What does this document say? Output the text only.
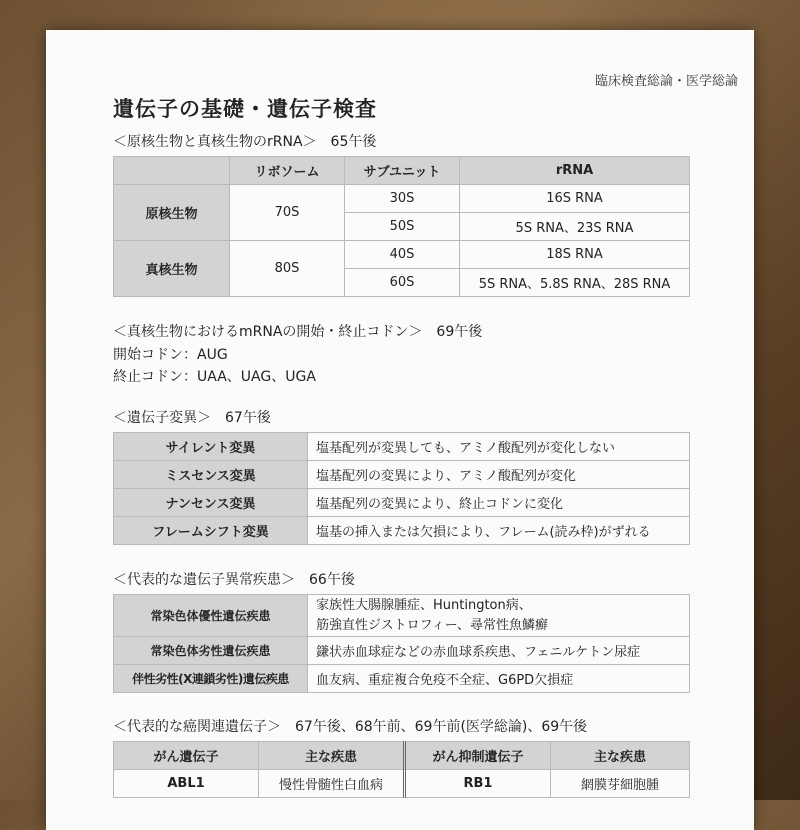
臨床検査総論・医学総論
遺伝子の基礎・遺伝子検査
＜原核生物と真核生物のrRNA＞ 65午後
	リボソーム	サブユニット	rRNA
原核生物	70S	30S	16S RNA
		50S	5S RNA、23S RNA
真核生物	80S	40S	18S RNA
		60S	5S RNA、5.8S RNA、28S RNA
＜真核生物におけるmRNAの開始・終止コドン＞ 69午後
開始コドン：AUG
終止コドン：UAA、UAG、UGA
＜遺伝子変異＞ 67午後
サイレント変異	塩基配列が変異しても、アミノ酸配列が変化しない
ミスセンス変異	塩基配列の変異により、アミノ酸配列が変化
ナンセンス変異	塩基配列の変異により、終止コドンに変化
フレームシフト変異	塩基の挿入または欠損により、フレーム(読み枠)がずれる
＜代表的な遺伝子異常疾患＞ 66午後
常染色体優性遺伝疾患	家族性大腸腺腫症、Huntington病、
筋強直性ジストロフィー、尋常性魚鱗癬

常染色体劣性遺伝疾患	鎌状赤血球症などの赤血球系疾患、フェニルケトン尿症
伴性劣性(X連鎖劣性)遺伝疾患	血友病、重症複合免疫不全症、G6PD欠損症
＜代表的な癌関連遺伝子＞ 67午後、68午前、69午前(医学総論)、69午後
がん遺伝子	主な疾患	がん抑制遺伝子	主な疾患
ABL1	慢性骨髄性白血病	RB1	網膜芽細胞腫
